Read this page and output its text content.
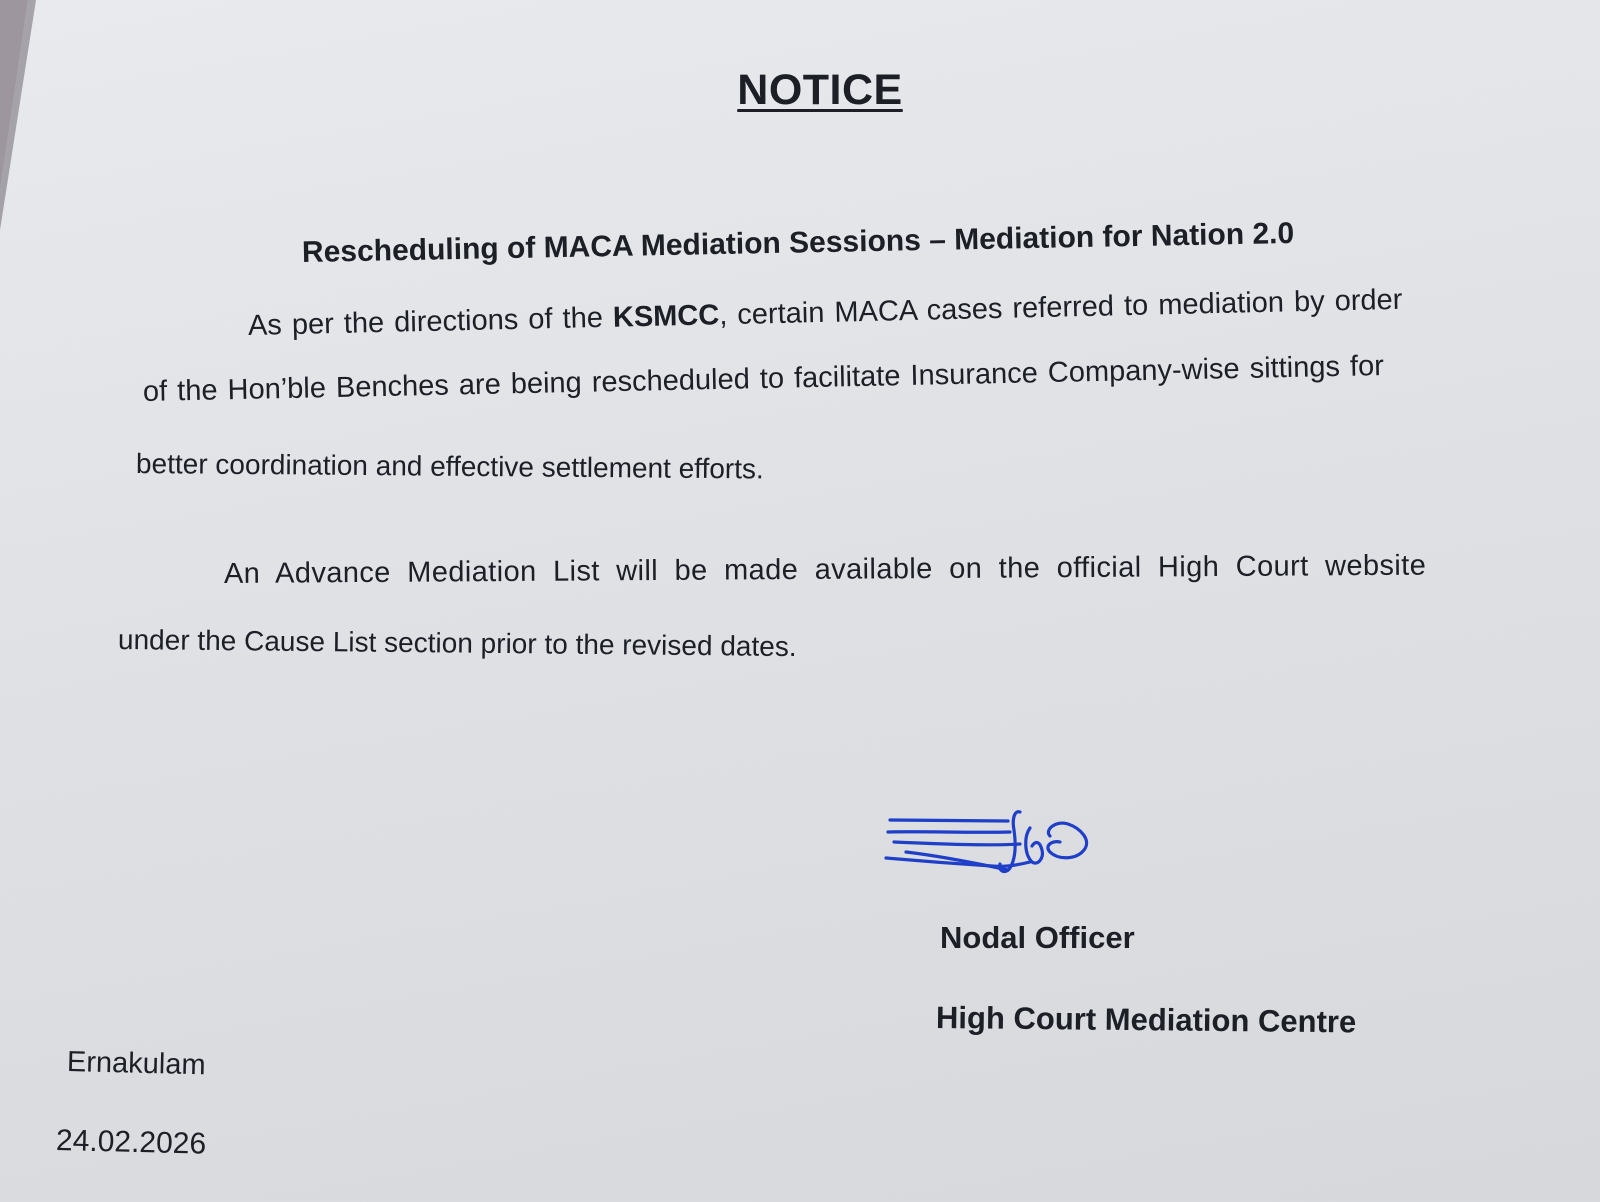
NOTICE
Rescheduling of MACA Mediation Sessions – Mediation for Nation 2.0
As per the directions of the KSMCC, certain MACA cases referred to mediation by order
of the Hon’ble Benches are being rescheduled to facilitate Insurance Company-wise sittings for
better coordination and effective settlement efforts.
An Advance Mediation List will be made available on the official High Court website
under the Cause List section prior to the revised dates.
Nodal Officer
High Court Mediation Centre
Ernakulam
24.02.2026
